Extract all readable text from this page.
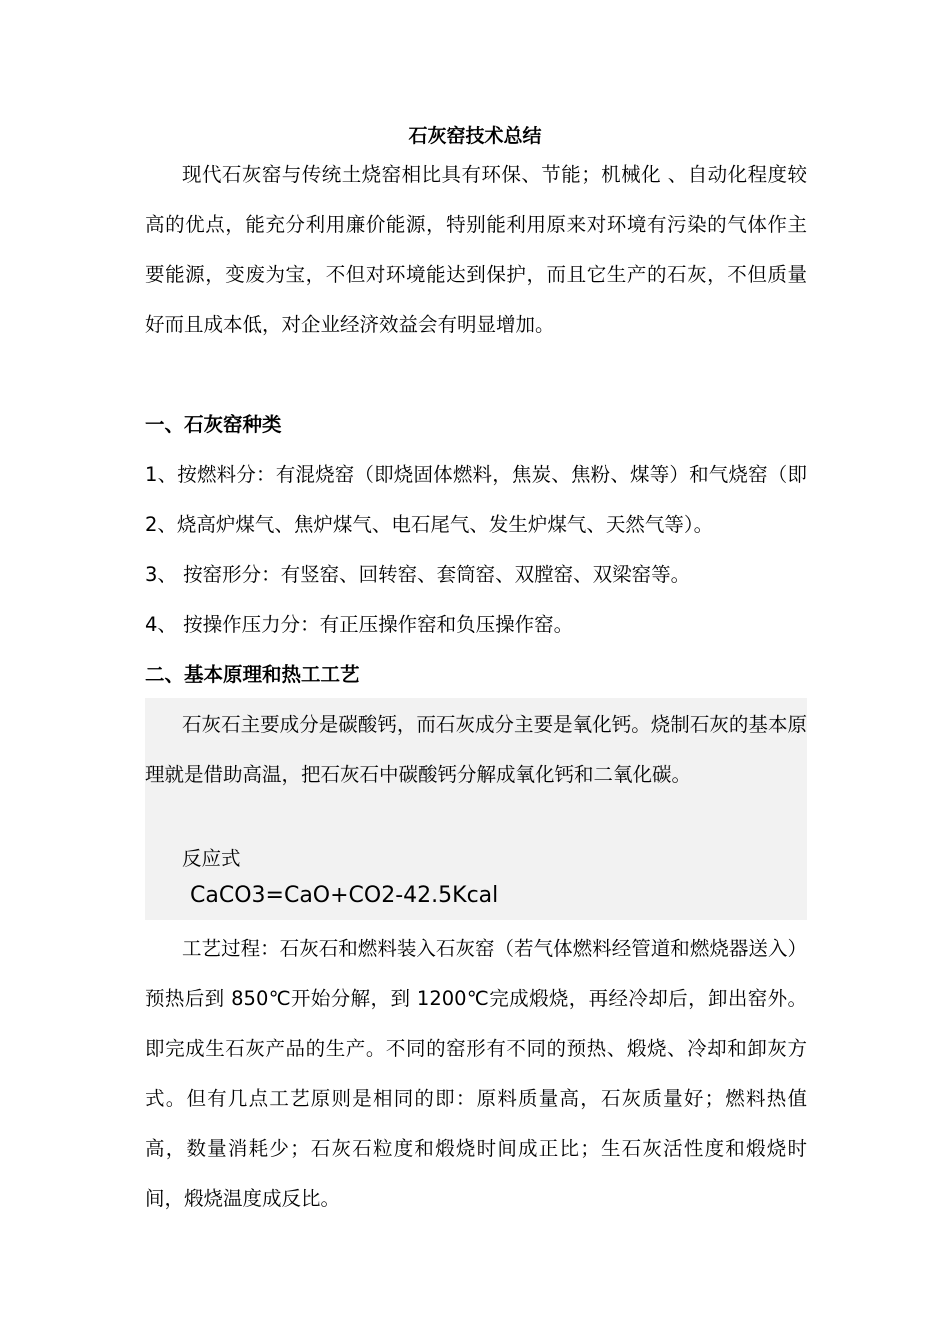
石灰窑技术总结

现代石灰窑与传统土烧窑相比具有环保、节能；机械化 、自动化程度较高的优点，能充分利用廉价能源，特别能利用原来对环境有污染的气体作主要能源，变废为宝，不但对环境能达到保护，而且它生产的石灰，不但质量好而且成本低，对企业经济效益会有明显增加。

一、石灰窑种类

1、按燃料分：有混烧窑（即烧固体燃料，焦炭、焦粉、煤等）和气烧窑（即 2、烧高炉煤气、焦炉煤气、电石尾气、发生炉煤气、天然气等）。

3、 按窑形分：有竖窑、回转窑、套筒窑、双膛窑、双梁窑等。
4、 按操作压力分：有正压操作窑和负压操作窑。
二、基本原理和热工工艺

石灰石主要成分是碳酸钙，而石灰成分主要是氧化钙。烧制石灰的基本原理就是借助高温，把石灰石中碳酸钙分解成氧化钙和二氧化碳。

反应式
CaCO3=CaO+CO2-42.5Kcal

工艺过程：石灰石和燃料装入石灰窑（若气体燃料经管道和燃烧器送入）预热后到 850℃开始分解，到 1200℃完成煅烧，再经冷却后，卸出窑外。即完成生石灰产品的生产。不同的窑形有不同的预热、煅烧、冷却和卸灰方式。但有几点工艺原则是相同的即：原料质量高，石灰质量好；燃料热值高，数量消耗少；石灰石粒度和煅烧时间成正比；生石灰活性度和煅烧时间，煅烧温度成反比。
